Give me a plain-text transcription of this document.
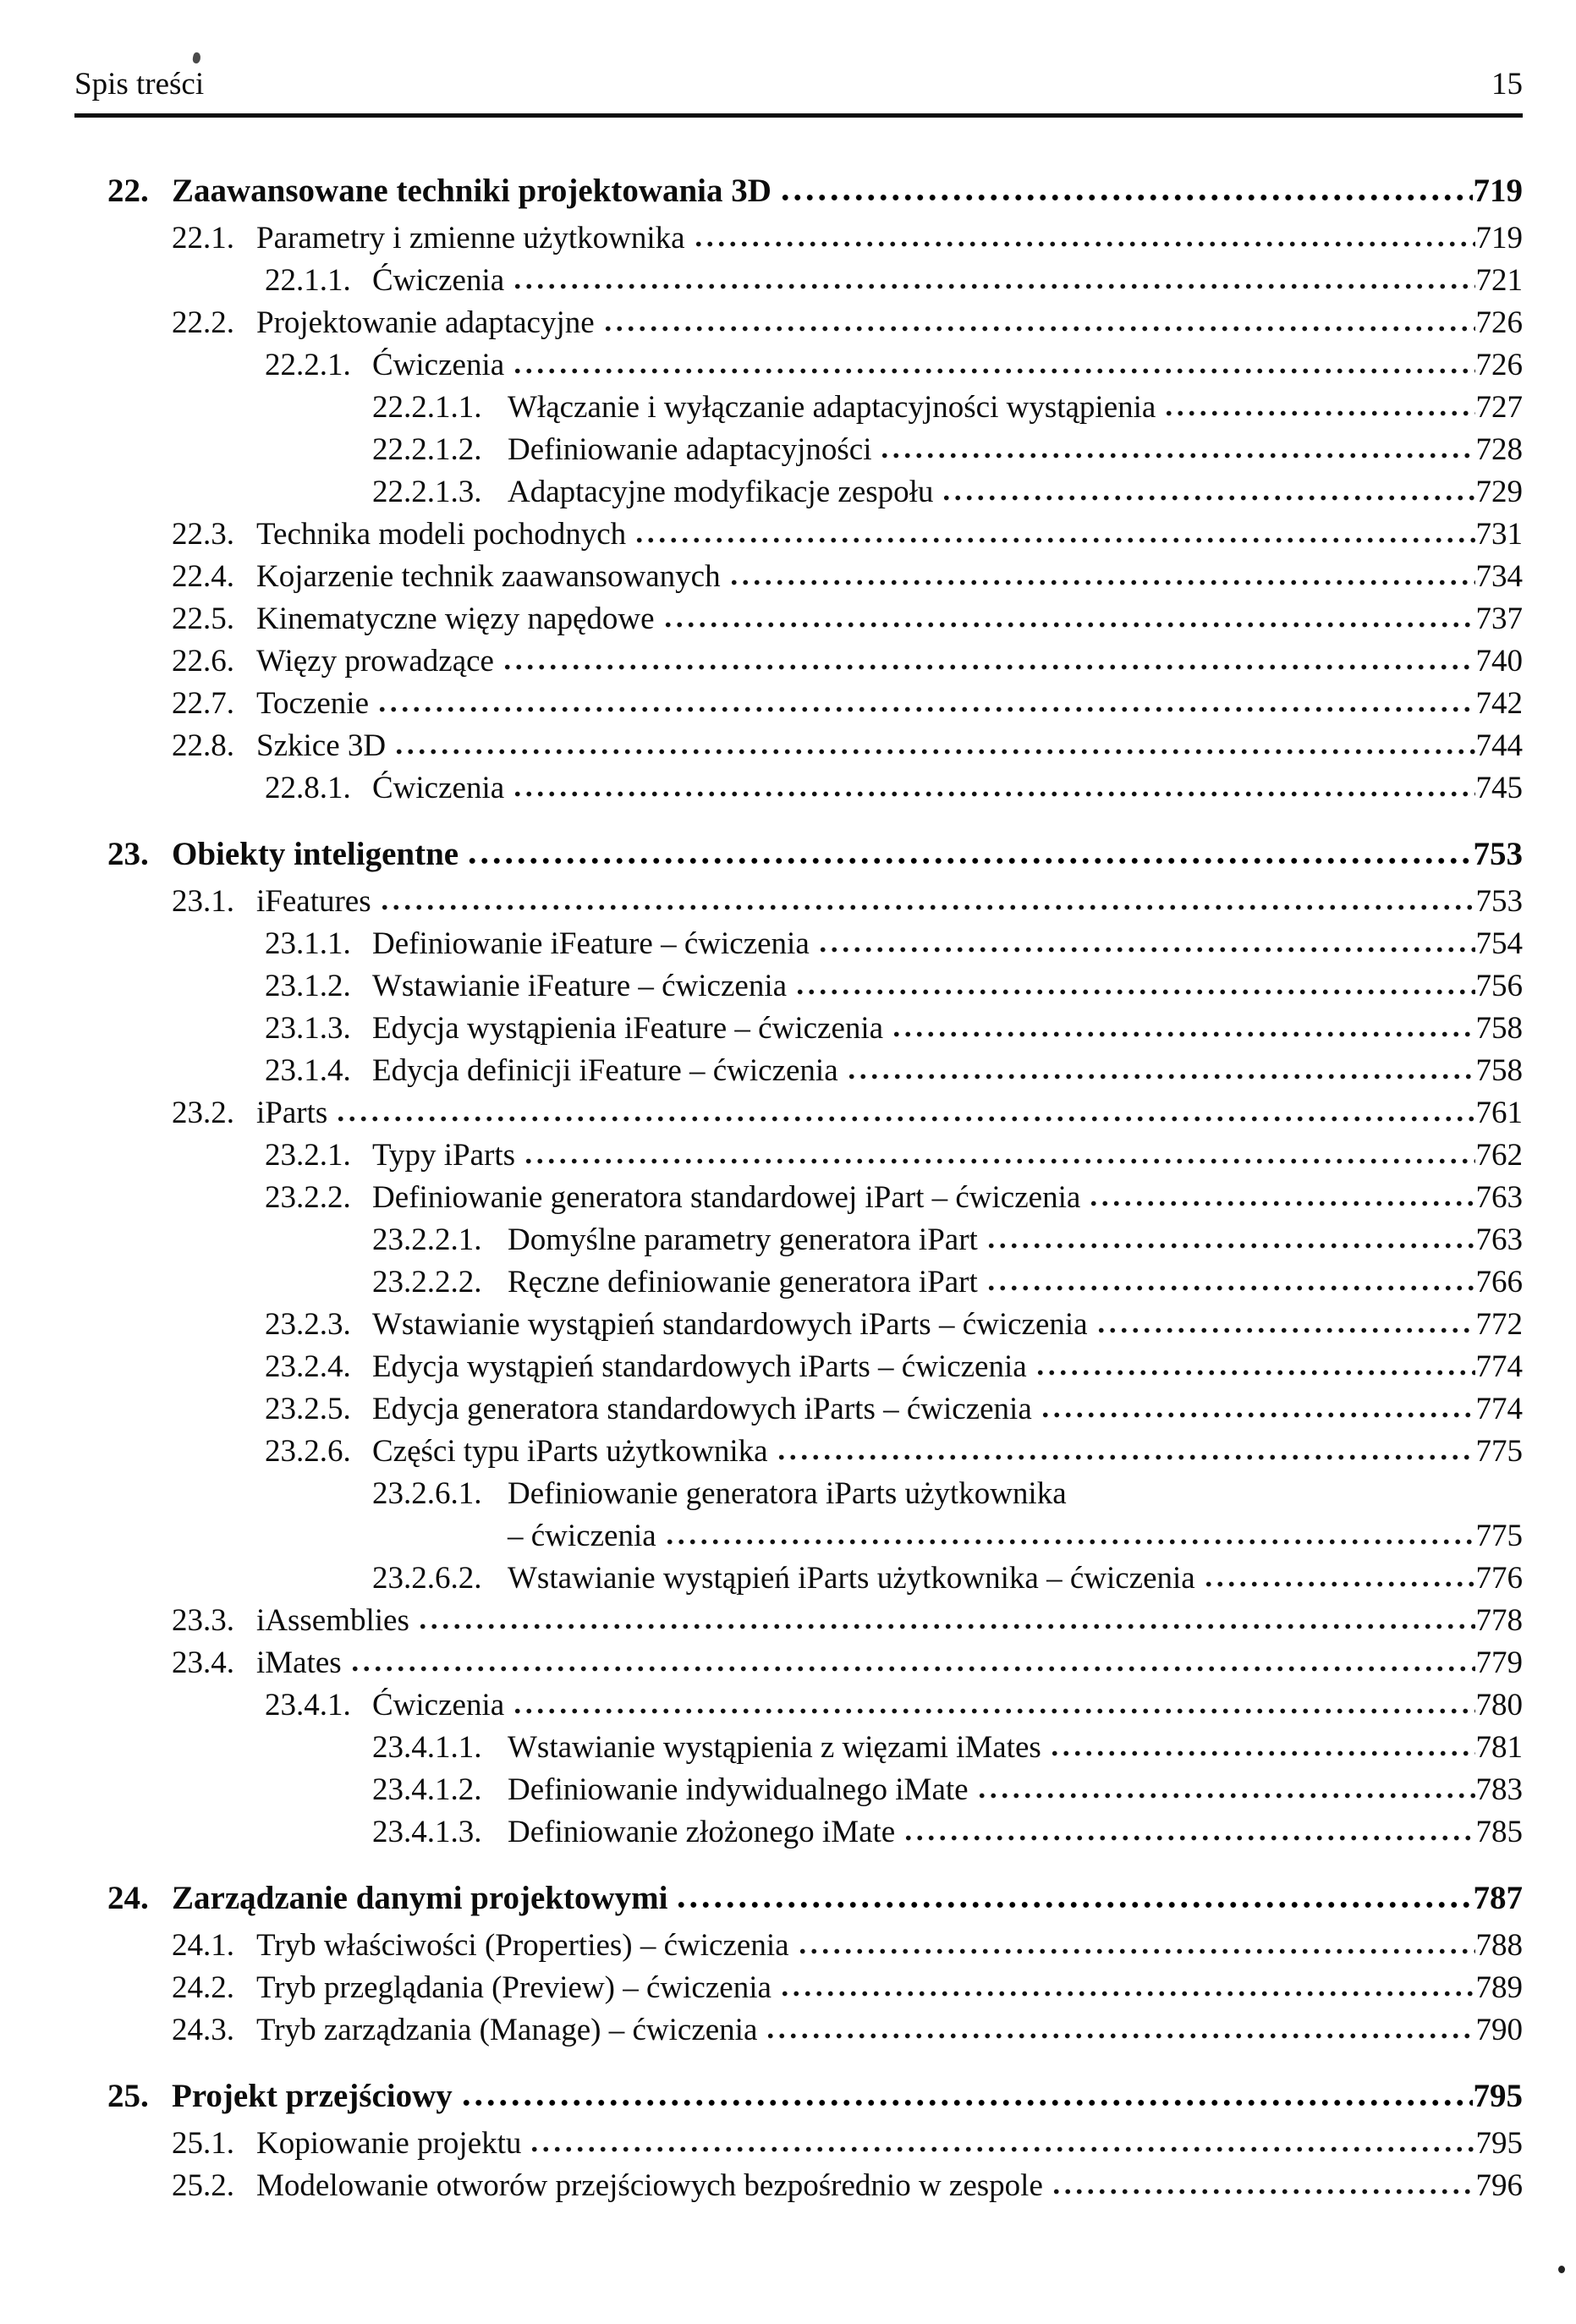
Spis treści	15
22. Zaawansowane techniki projektowania 3D	719
22.1. Parametry i zmienne użytkownika	719
22.1.1. Ćwiczenia	721
22.2. Projektowanie adaptacyjne	726
22.2.1. Ćwiczenia	726
22.2.1.1. Włączanie i wyłączanie adaptacyjności wystąpienia	727
22.2.1.2. Definiowanie adaptacyjności	728
22.2.1.3. Adaptacyjne modyfikacje zespołu	729
22.3. Technika modeli pochodnych	731
22.4. Kojarzenie technik zaawansowanych	734
22.5. Kinematyczne więzy napędowe	737
22.6. Więzy prowadzące	740
22.7. Toczenie	742
22.8. Szkice 3D	744
22.8.1. Ćwiczenia	745
23. Obiekty inteligentne	753
23.1. iFeatures	753
23.1.1. Definiowanie iFeature – ćwiczenia	754
23.1.2. Wstawianie iFeature – ćwiczenia	756
23.1.3. Edycja wystąpienia iFeature – ćwiczenia	758
23.1.4. Edycja definicji iFeature – ćwiczenia	758
23.2. iParts	761
23.2.1. Typy iParts	762
23.2.2. Definiowanie generatora standardowej iPart – ćwiczenia	763
23.2.2.1. Domyślne parametry generatora iPart	763
23.2.2.2. Ręczne definiowanie generatora iPart	766
23.2.3. Wstawianie wystąpień standardowych iParts – ćwiczenia	772
23.2.4. Edycja wystąpień standardowych iParts – ćwiczenia	774
23.2.5. Edycja generatora standardowych iParts – ćwiczenia	774
23.2.6. Części typu iParts użytkownika	775
23.2.6.1. Definiowanie generatora iParts użytkownika
– ćwiczenia	775
23.2.6.2. Wstawianie wystąpień iParts użytkownika – ćwiczenia	776
23.3. iAssemblies	778
23.4. iMates	779
23.4.1. Ćwiczenia	780
23.4.1.1. Wstawianie wystąpienia z więzami iMates	781
23.4.1.2. Definiowanie indywidualnego iMate	783
23.4.1.3. Definiowanie złożonego iMate	785
24. Zarządzanie danymi projektowymi	787
24.1. Tryb właściwości (Properties) – ćwiczenia	788
24.2. Tryb przeglądania (Preview) – ćwiczenia	789
24.3. Tryb zarządzania (Manage) – ćwiczenia	790
25. Projekt przejściowy	795
25.1. Kopiowanie projektu	795
25.2. Modelowanie otworów przejściowych bezpośrednio w zespole	796
